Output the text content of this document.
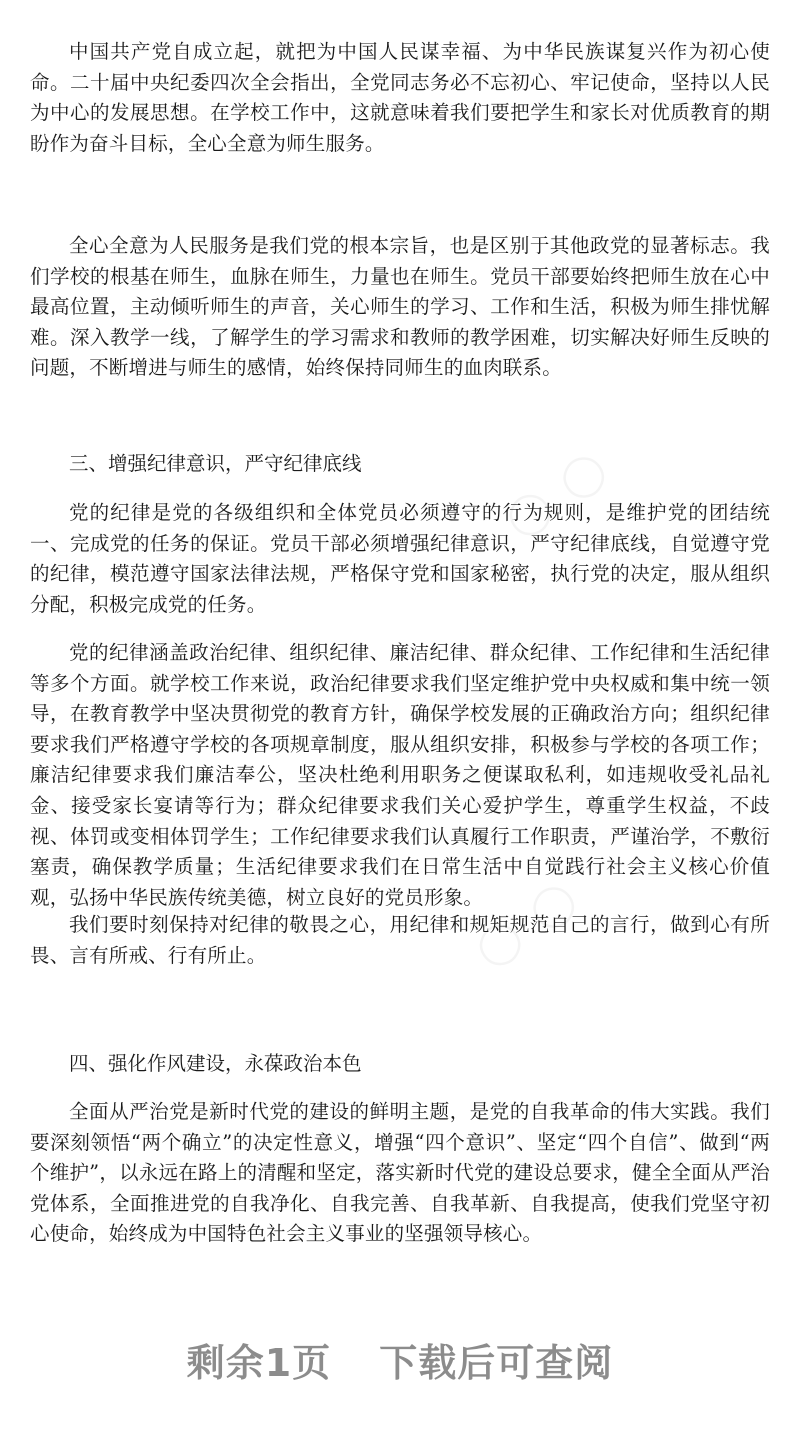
中国共产党自成立起，就把为中国人民谋幸福、为中华民族谋复兴作为初心使命。二十届中央纪委四次全会指出，全党同志务必不忘初心、牢记使命，坚持以人民为中心的发展思想。在学校工作中，这就意味着我们要把学生和家长对优质教育的期盼作为奋斗目标，全心全意为师生服务。

全心全意为人民服务是我们党的根本宗旨，也是区别于其他政党的显著标志。我们学校的根基在师生，血脉在师生，力量也在师生。党员干部要始终把师生放在心中最高位置，主动倾听师生的声音，关心师生的学习、工作和生活，积极为师生排忧解难。深入教学一线，了解学生的学习需求和教师的教学困难，切实解决好师生反映的问题，不断增进与师生的感情，始终保持同师生的血肉联系。

三、增强纪律意识，严守纪律底线

党的纪律是党的各级组织和全体党员必须遵守的行为规则，是维护党的团结统一、完成党的任务的保证。党员干部必须增强纪律意识，严守纪律底线，自觉遵守党的纪律，模范遵守国家法律法规，严格保守党和国家秘密，执行党的决定，服从组织分配，积极完成党的任务。

党的纪律涵盖政治纪律、组织纪律、廉洁纪律、群众纪律、工作纪律和生活纪律等多个方面。就学校工作来说，政治纪律要求我们坚定维护党中央权威和集中统一领导，在教育教学中坚决贯彻党的教育方针，确保学校发展的正确政治方向；组织纪律要求我们严格遵守学校的各项规章制度，服从组织安排，积极参与学校的各项工作；廉洁纪律要求我们廉洁奉公，坚决杜绝利用职务之便谋取私利，如违规收受礼品礼金、接受家长宴请等行为；群众纪律要求我们关心爱护学生，尊重学生权益，不歧视、体罚或变相体罚学生；工作纪律要求我们认真履行工作职责，严谨治学，不敷衍塞责，确保教学质量；生活纪律要求我们在日常生活中自觉践行社会主义核心价值观，弘扬中华民族传统美德，树立良好的党员形象。

我们要时刻保持对纪律的敬畏之心，用纪律和规矩规范自己的言行，做到心有所畏、言有所戒、行有所止。

四、强化作风建设，永葆政治本色

全面从严治党是新时代党的建设的鲜明主题，是党的自我革命的伟大实践。我们要深刻领悟“两个确立”的决定性意义，增强“四个意识”、坚定“四个自信”、做到“两个维护”，以永远在路上的清醒和坚定，落实新时代党的建设总要求，健全全面从严治党体系，全面推进党的自我净化、自我完善、自我革新、自我提高，使我们党坚守初心使命，始终成为中国特色社会主义事业的坚强领导核心。

剩余1页 下载后可查阅
